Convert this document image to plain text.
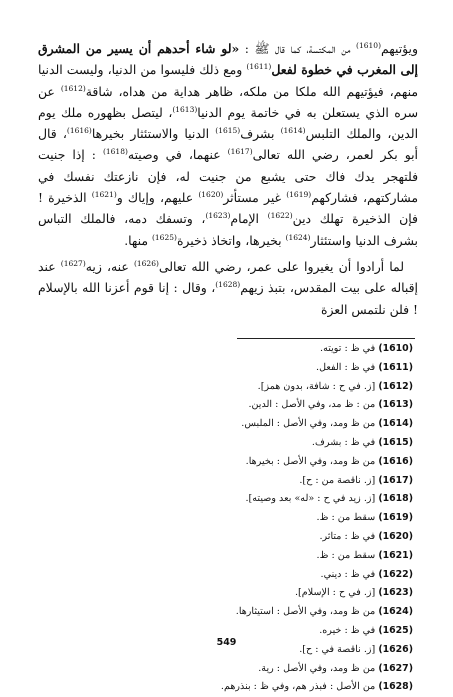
ويؤتيهم$^{(1610)}$ من المكتسة، كما قال ﷺ : «لو شاء أحدهم أن يسير من المشرق إلى المغرب في خطوة لفعل$^{(1611)}$ ومع ذلك فليسوا من الدنيا، وليست الدنيا منهم، فيؤتيهم الله ملكا من ملكه، ظاهر هداية من هداه، شاقة$^{(1612)}$ عن سره الذي يستعلن به في خاتمة يوم الدنيا$^{(1613)}$، ليتصل بظهوره ملك يوم الدين، والملك التلبس$^{(1614)}$ بشرف$^{(1615)}$ الدنيا والاستئثار بخيرها$^{(1616)}$، قال أبو بكر لعمر، رضي الله تعالى$^{(1617)}$ عنهما، في وصيته$^{(1618)}$ : إذا جنيت فلتهجر يدك فاك حتى يشبع من جنيت له، فإن نازعتك نفسك في مشاركتهم، فشاركهم$^{(1619)}$ غير مستأثر$^{(1620)}$ عليهم، وإياك و$^{(1621)}$ الذخيرة ! فإن الذخيرة تهلك دين$^{(1622)}$ الإمام$^{(1623)}$، وتسفك دمه، فالملك التباس بشرف الدنيا واستئثار$^{(1624)}$ بخيرها، واتخاذ ذخيرة$^{(1625)}$ منها.

لما أرادوا أن يغيروا على عمر، رضي الله تعالى$^{(1626)}$ عنه، زيه$^{(1627)}$ عند إقباله على بيت المقدس، بتبذ زيهم$^{(1628)}$، وقال : إنا قوم أعزنا الله بالإسلام ! فلن نلتمس العزة

(1610) في ظ : تويته.
(1611) في ظ : الفعل.
(1612) [ز. في ح : شافة، بدون همز].
(1613) من : ظ مد، وفي الأصل : الدين.
(1614) من ظ ومد، وفي الأصل : الملبس.
(1615) في ظ : بشرف.
(1616) من ظ ومد، وفي الأصل : بخيرها.
(1617) [ز. ناقصة من : ح].
(1618) [ز. زيد في ح : «له» بعد وصيته].
(1619) سقط من : ظ.
(1620) في ظ : متاثر.
(1621) سقط من : ظ.
(1622) في ظ : ديني.
(1623) [ز. في ح : الإسلام].
(1624) من ظ ومد، وفي الأصل : استيثارها.
(1625) في ظ : خيره.
(1626) [ز. ناقصة في : ح].
(1627) من ظ ومد، وفي الأصل : رية.
(1628) من الأصل : فبذر هم، وفي ظ : بنذرهم.
549
